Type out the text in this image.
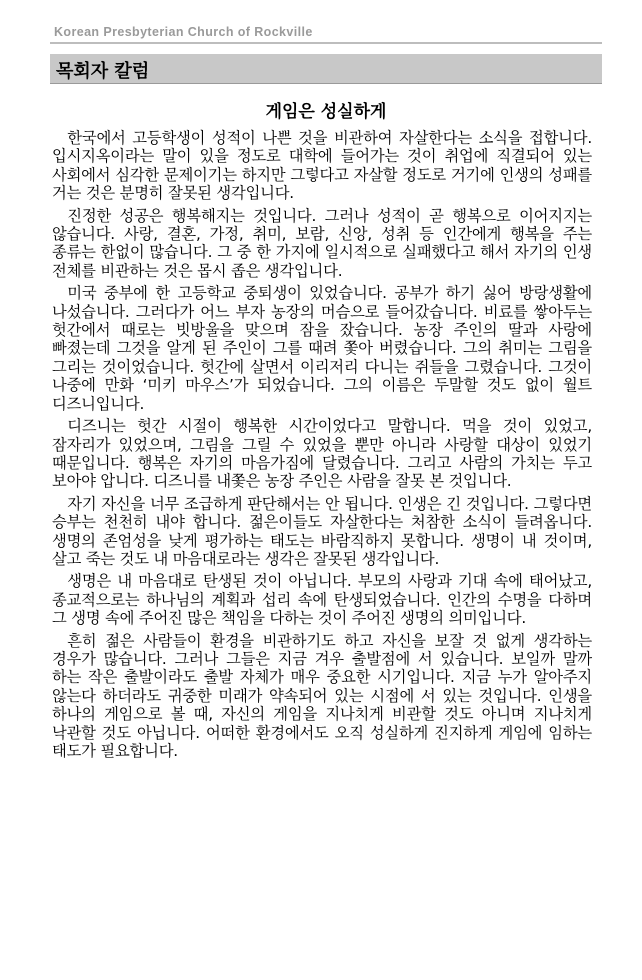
Korean Presbyterian Church of Rockville
목회자 칼럼
게임은 성실하게

한국에서 고등학생이 성적이 나쁜 것을 비관하여 자살한다는 소식을 접합니다. 입시지옥이라는 말이 있을 정도로 대학에 들어가는 것이 취업에 직결되어 있는 사회에서 심각한 문제이기는 하지만 그렇다고 자살할 정도로 거기에 인생의 성패를 거는 것은 분명히 잘못된 생각입니다.

진정한 성공은 행복해지는 것입니다. 그러나 성적이 곧 행복으로 이어지지는 않습니다. 사랑, 결혼, 가정, 취미, 보람, 신앙, 성취 등 인간에게 행복을 주는 종류는 한없이 많습니다. 그 중 한 가지에 일시적으로 실패했다고 해서 자기의 인생 전체를 비관하는 것은 몹시 좁은 생각입니다.

미국 중부에 한 고등학교 중퇴생이 있었습니다. 공부가 하기 싫어 방랑생활에 나섰습니다. 그러다가 어느 부자 농장의 머슴으로 들어갔습니다. 비료를 쌓아두는 헛간에서 때로는 빗방울을 맞으며 잠을 잤습니다. 농장 주인의 딸과 사랑에 빠졌는데 그것을 알게 된 주인이 그를 때려 쫓아 버렸습니다. 그의 취미는 그림을 그리는 것이었습니다. 헛간에 살면서 이리저리 다니는 쥐들을 그렸습니다. 그것이 나중에 만화 ‘미키 마우스’가 되었습니다. 그의 이름은 두말할 것도 없이 월트 디즈니입니다.

디즈니는 헛간 시절이 행복한 시간이었다고 말합니다. 먹을 것이 있었고, 잠자리가 있었으며, 그림을 그릴 수 있었을 뿐만 아니라 사랑할 대상이 있었기 때문입니다. 행복은 자기의 마음가짐에 달렸습니다. 그리고 사람의 가치는 두고 보아야 압니다. 디즈니를 내쫓은 농장 주인은 사람을 잘못 본 것입니다.

자기 자신을 너무 조급하게 판단해서는 안 됩니다. 인생은 긴 것입니다. 그렇다면 승부는 천천히 내야 합니다. 젊은이들도 자살한다는 처참한 소식이 들려옵니다. 생명의 존엄성을 낮게 평가하는 태도는 바람직하지 못합니다. 생명이 내 것이며, 살고 죽는 것도 내 마음대로라는 생각은 잘못된 생각입니다.

생명은 내 마음대로 탄생된 것이 아닙니다. 부모의 사랑과 기대 속에 태어났고, 종교적으로는 하나님의 계획과 섭리 속에 탄생되었습니다. 인간의 수명을 다하며 그 생명 속에 주어진 많은 책임을 다하는 것이 주어진 생명의 의미입니다.

흔히 젊은 사람들이 환경을 비관하기도 하고 자신을 보잘 것 없게 생각하는 경우가 많습니다. 그러나 그들은 지금 겨우 출발점에 서 있습니다. 보일까 말까 하는 작은 출발이라도 출발 자체가 매우 중요한 시기입니다. 지금 누가 알아주지 않는다 하더라도 귀중한 미래가 약속되어 있는 시점에 서 있는 것입니다. 인생을 하나의 게임으로 볼 때, 자신의 게임을 지나치게 비관할 것도 아니며 지나치게 낙관할 것도 아닙니다. 어떠한 환경에서도 오직 성실하게 진지하게 게임에 임하는 태도가 필요합니다.
